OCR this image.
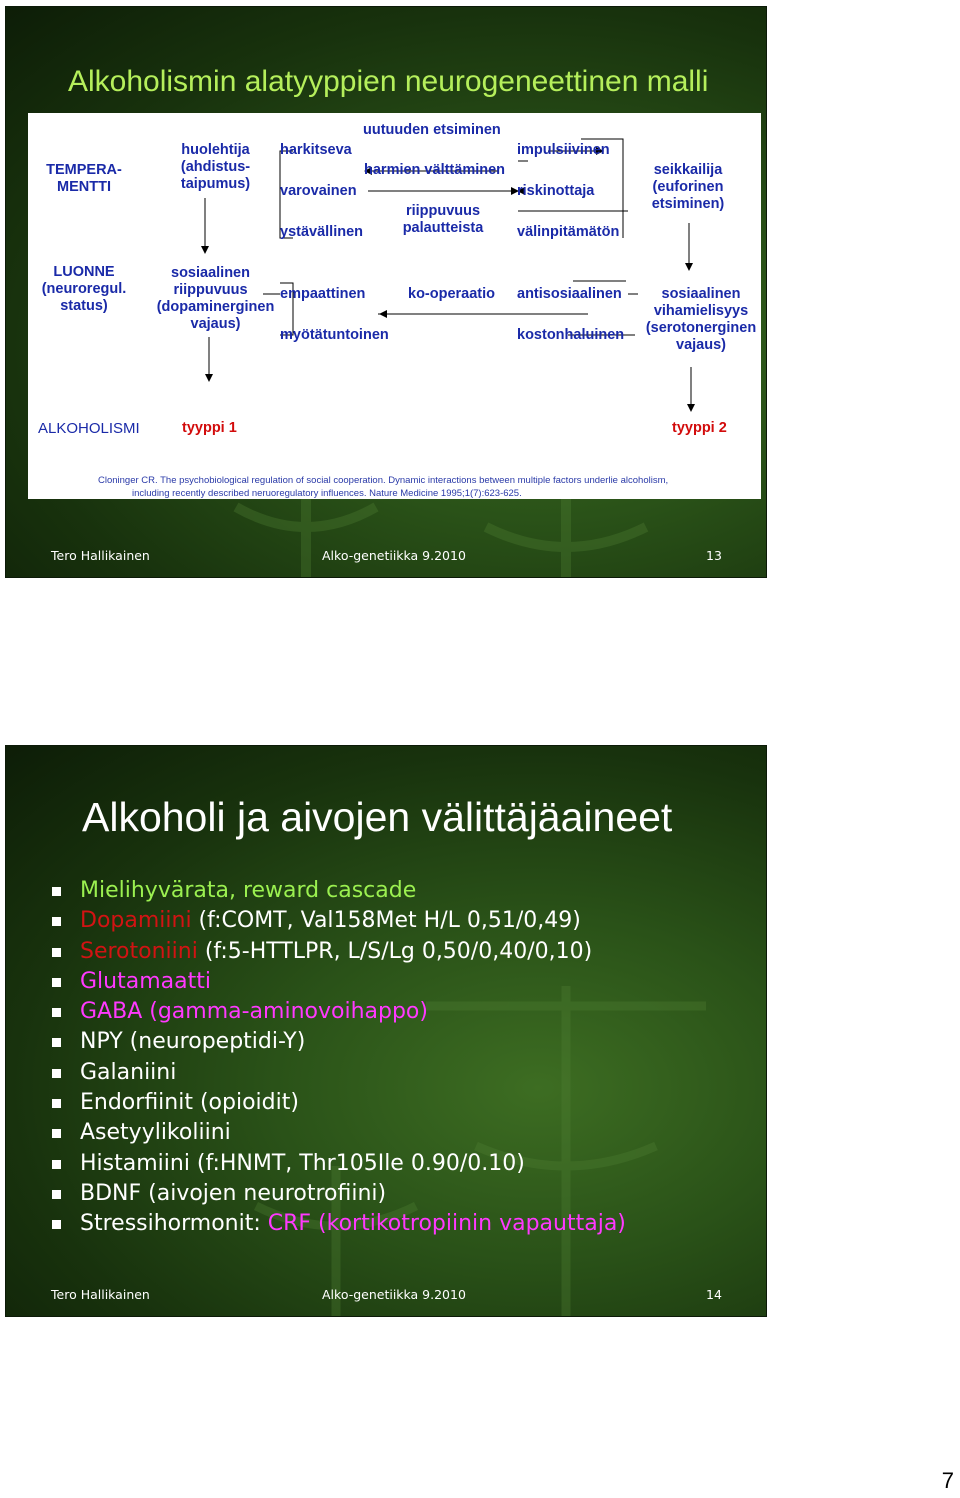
Alkoholismin alatyyppien neurogeneettinen malli
TEMPERA-
MENTTI
uutuuden etsiminen
huolehtija
(ahdistus-
taipumus)
harkitseva	impulsiivinen
harmien välttäminen
varovainen	riskinottaja
riippuvuus
palautteista
ystävällinen	välinpitämätön
seikkailija
(euforinen
etsiminen)
LUONNE
(neuroregul.
status)
sosiaalinen
riippuvuus
(dopaminerginen
vajaus)
empaattinen	ko-operaatio antisosiaalinen
myötätuntoinen	kostonhaluinen
sosiaalinen
vihamielisyys
(serotonerginen
vajaus)
ALKOHOLISMI	tyyppi 1	tyyppi 2
Cloninger CR. The psychobiological regulation of social cooperation. Dynamic interactions between multiple factors underlie alcoholism,
including recently described neruoregulatory influences. Nature Medicine 1995;1(7):623-625.
Tero Hallikainen	Alko-genetiikka 9.2010	13
Alkoholi ja aivojen välittäjäaineet
Mielihyvärata, reward cascade
Dopamiini (f:COMT, Val158Met H/L 0,51/0,49)
Serotoniini (f:5-HTTLPR, L/S/Lg 0,50/0,40/0,10)
Glutamaatti
GABA (gamma-aminovoihappo)
NPY (neuropeptidi-Y)
Galaniini
Endorfiinit (opioidit)
Asetyylikoliini
Histamiini (f:HNMT, Thr105Ile 0.90/0.10)
BDNF (aivojen neurotrofiini)
Stressihormonit: CRF (kortikotropiinin vapauttaja)
Tero Hallikainen	Alko-genetiikka 9.2010	14
7
